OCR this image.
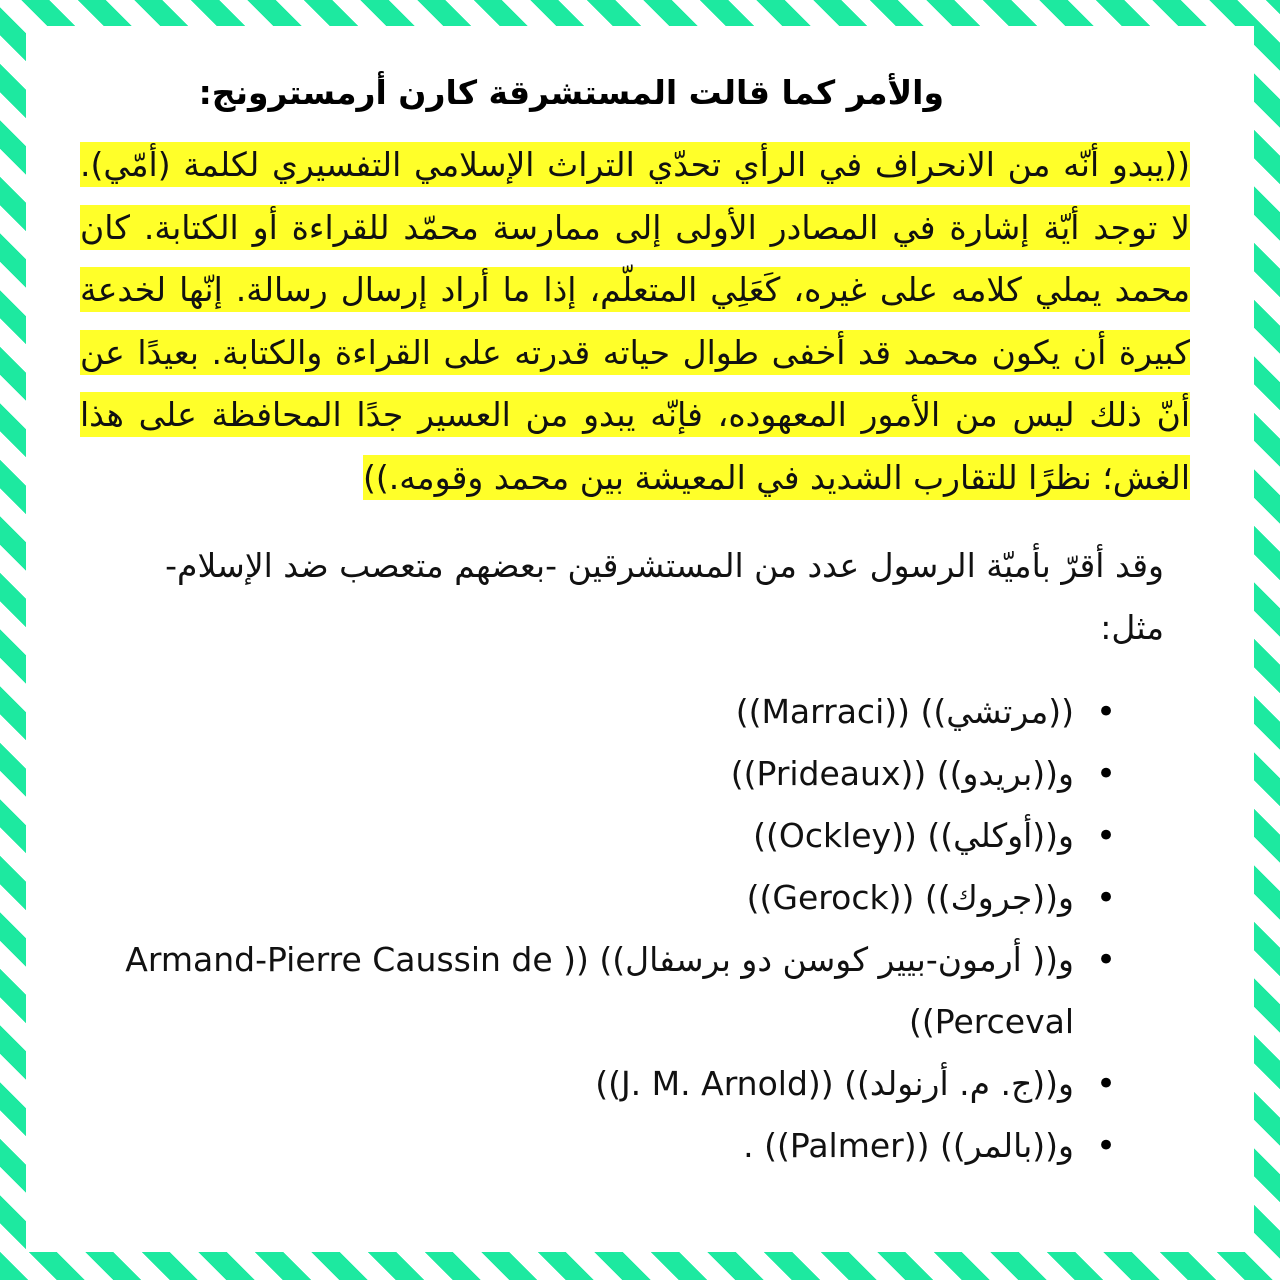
والأمر كما قالت المستشرقة كارن أرمسترونج:
((يبدو أنّه من الانحراف في الرأي تحدّي التراث الإسلامي التفسيري لكلمة (أمّي). لا توجد أيّة إشارة في المصادر الأولى إلى ممارسة محمّد للقراءة أو الكتابة. كان محمد يملي كلامه على غيره، كَعَلِي المتعلّم، إذا ما أراد إرسال رسالة. إنّها لخدعة كبيرة أن يكون محمد قد أخفى طوال حياته قدرته على القراءة والكتابة. بعيدًا عن أنّ ذلك ليس من الأمور المعهوده، فإنّه يبدو من العسير جدًا المحافظة على هذا الغش؛ نظرًا للتقارب الشديد في المعيشة بين محمد وقومه.))
وقد أقرّ بأميّة الرسول عدد من المستشرقين -بعضهم متعصب ضد الإسلام- مثل:
• ((مرتشي)) ((Marraci))
• و((بريدو)) ((Prideaux))
• و((أوكلي)) ((Ockley))
• و((جروك)) ((Gerock))
• و(( أرمون-بيير كوسن دو برسفال)) (( Armand-Pierre Caussin de Perceval))
• و((ج. م. أرنولد)) ((J. M. Arnold))
• و((بالمر)) ((Palmer)) .
